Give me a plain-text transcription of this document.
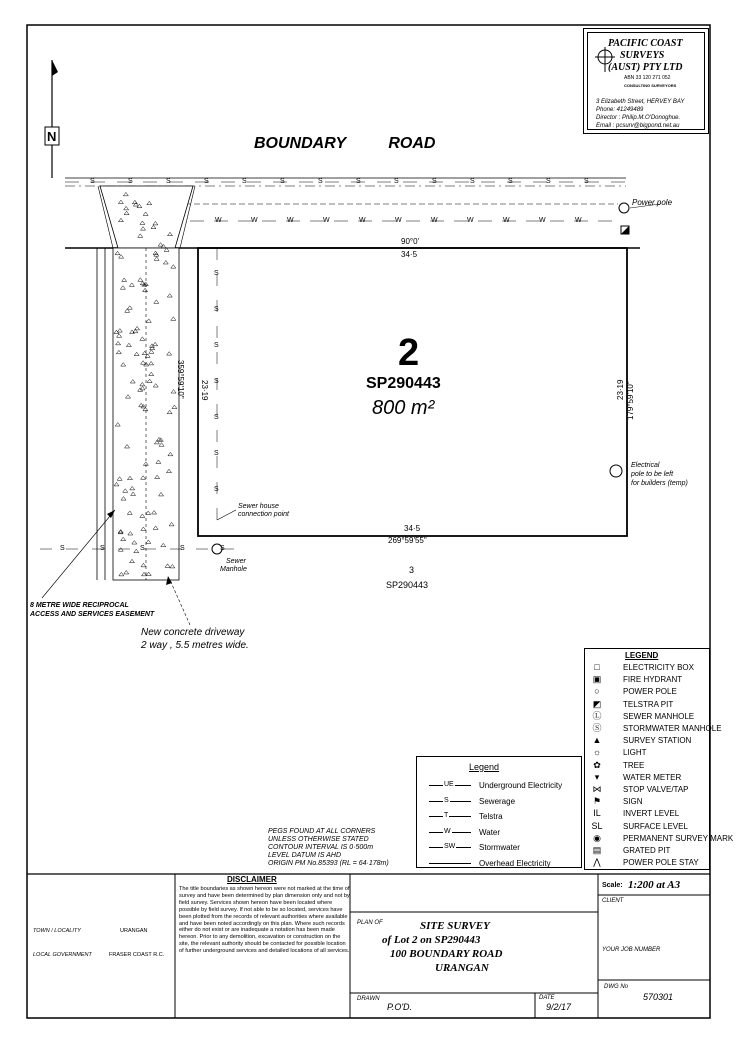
N	BOUNDARY ROAD
S	S	S	S	S	S	S	S	S	S	S	S	S	S
W	W	W	W	W	W	W	W	W	W	W
S
S
S
S
S
S
S
S	S	S	S	S
90°0'
34·5
2
SP290443
800 m²
34·5
269°59'55"
359°59'10" 23·19	179°59'10"
23·19
3
SP290443
Power pole
Electrical
pole to be left
for builders (temp)
Sewer house
connection point
Sewer
Manhole
8 METRE WIDE RECIPROCAL
ACCESS AND SERVICES EASEMENT
New concrete driveway
2 way , 5.5 metres wide.
PACIFIC COAST
SURVEYS
(AUST) PTY LTD
ABN 33 120 271 052
CONSULTING SURVEYORS
3 Elizabeth Street, HERVEY BAY
Phone: 41249489
Director : Philip.M.O'Donoghue.
Email : pcsurv@bigpond.net.au
Legend
UE	Underground Electricity
S	Sewerage
T	Telstra
W	Water
SW	Stormwater
Overhead Electricity
LEGEND
□	ELECTRICITY BOX
▣	FIRE HYDRANT
○	POWER POLE
◩	TELSTRA PIT
Ⓛ	SEWER MANHOLE
Ⓢ	STORMWATER MANHOLE
▲	SURVEY STATION
☼	LIGHT
✿	TREE
▾	WATER METER
⋈	STOP VALVE/TAP
⚑	SIGN
IL	INVERT LEVEL
SL	SURFACE LEVEL
◉	PERMANENT SURVEY MARK
▤	GRATED PIT
⋀	POWER POLE STAY
PEGS FOUND AT ALL CORNERS
UNLESS OTHERWISE STATED
CONTOUR INTERVAL IS 0·500m
LEVEL DATUM IS AHD
ORIGIN PM No.85393 (RL = 64·178m)
TOWN / LOCALITY	URANGAN
LOCAL GOVERNMENT	FRASER COAST R.C.
DISCLAIMER
The title boundaries as shown hereon were not marked at the time of survey and have been determined by plan dimension only and not by field survey. Services shown hereon have been located where possible by field survey. If not able to be so located, services have been plotted from the records of relevant authorities where available and have been noted accordingly on this plan. Where such records either do not exist or are inadequate a notation has been made hereon. Prior to any demolition, excavation or construction on the site, the relevant authority should be contacted for possible location of further underground services and detailed locations of all services.
PLAN OF	SITE SURVEY
of Lot 2 on SP290443
100 BOUNDARY ROAD
URANGAN
DRAWN
P.O'D.
DATE
9/2/17
Scale: 1:200 at A3
CLIENT
YOUR JOB NUMBER
DWG No
570301
